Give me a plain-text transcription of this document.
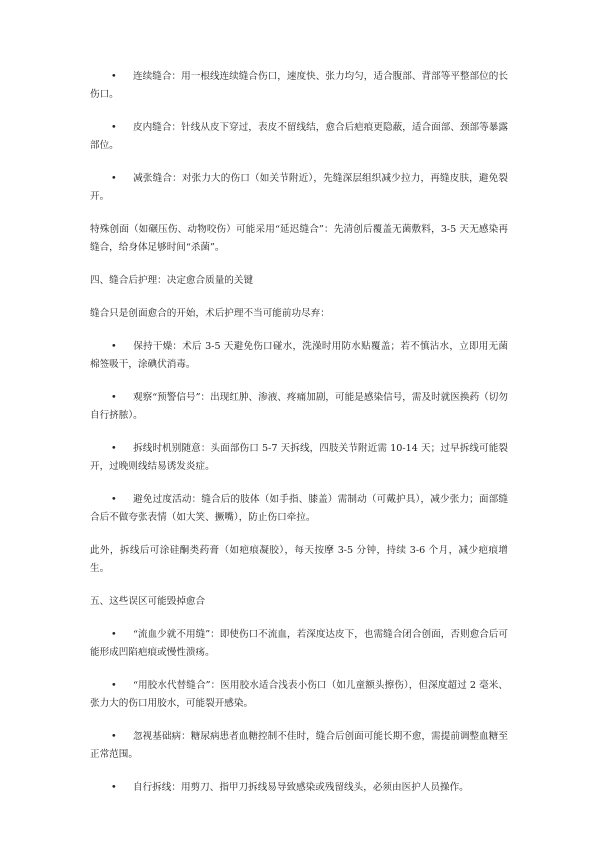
• 连续缝合：用一根线连续缝合伤口，速度快、张力均匀，适合腹部、背部等平整部位的长伤口。

• 皮内缝合：针线从皮下穿过，表皮不留线结，愈合后疤痕更隐蔽，适合面部、颈部等暴露部位。

• 减张缝合：对张力大的伤口（如关节附近），先缝深层组织减少拉力，再缝皮肤，避免裂开。

特殊创面（如碾压伤、动物咬伤）可能采用“延迟缝合”：先清创后覆盖无菌敷料，3-5 天无感染再缝合，给身体足够时间“杀菌”。

四、缝合后护理：决定愈合质量的关键

缝合只是创面愈合的开始，术后护理不当可能前功尽弃：

• 保持干燥：术后 3-5 天避免伤口碰水，洗澡时用防水贴覆盖；若不慎沾水，立即用无菌棉签吸干，涂碘伏消毒。

• 观察“预警信号”：出现红肿、渗液、疼痛加剧，可能是感染信号，需及时就医换药（切勿自行挤脓）。

• 拆线时机别随意：头面部伤口 5-7 天拆线，四肢关节附近需 10-14 天；过早拆线可能裂开，过晚则线结易诱发炎症。

• 避免过度活动：缝合后的肢体（如手指、膝盖）需制动（可戴护具），减少张力；面部缝合后不做夸张表情（如大笑、撅嘴），防止伤口牵拉。

此外，拆线后可涂硅酮类药膏（如疤痕凝胶），每天按摩 3-5 分钟，持续 3-6 个月，减少疤痕增生。

五、这些误区可能毁掉愈合

• “流血少就不用缝”：即使伤口不流血，若深度达皮下，也需缝合闭合创面，否则愈合后可能形成凹陷疤痕或慢性溃疡。

• “用胶水代替缝合”：医用胶水适合浅表小伤口（如儿童额头擦伤），但深度超过 2 毫米、张力大的伤口用胶水，可能裂开感染。

• 忽视基础病：糖尿病患者血糖控制不佳时，缝合后创面可能长期不愈，需提前调整血糖至正常范围。

• 自行拆线：用剪刀、指甲刀拆线易导致感染或残留线头，必须由医护人员操作。
